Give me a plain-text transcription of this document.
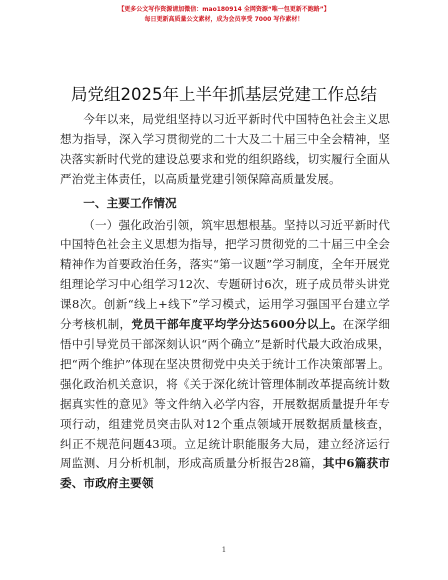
【更多公文写作资源请加微信：mao180914 全网资源“唯一包更新不跑路”】
每日更新高质量公文素材，成为会员享受 7000 写作素材！
局党组2025年上半年抓基层党建工作总结

今年以来，局党组坚持以习近平新时代中国特色社会主义思想为指导，深入学习贯彻党的二十大及二十届三中全会精神，坚决落实新时代党的建设总要求和党的组织路线，切实履行全面从严治党主体责任，以高质量党建引领保障高质量发展。

一、主要工作情况

（一）强化政治引领，筑牢思想根基。坚持以习近平新时代中国特色社会主义思想为指导，把学习贯彻党的二十届三中全会精神作为首要政治任务，落实“第一议题”学习制度，全年开展党组理论学习中心组学习12次、专题研讨6次，班子成员带头讲党课8次。创新“线上+线下”学习模式，运用学习强国平台建立学分考核机制，党员干部年度平均学分达5600分以上。在深学细悟中引导党员干部深刻认识“两个确立”是新时代最大政治成果，把“两个维护”体现在坚决贯彻党中央关于统计工作决策部署上。强化政治机关意识，将《关于深化统计管理体制改革提高统计数据真实性的意见》等文件纳入必学内容，开展数据质量提升年专项行动，组建党员突击队对12个重点领域开展数据质量核查，纠正不规范问题43项。立足统计职能服务大局，建立经济运行周监测、月分析机制，形成高质量分析报告28篇，其中6篇获市委、市政府主要领

1
